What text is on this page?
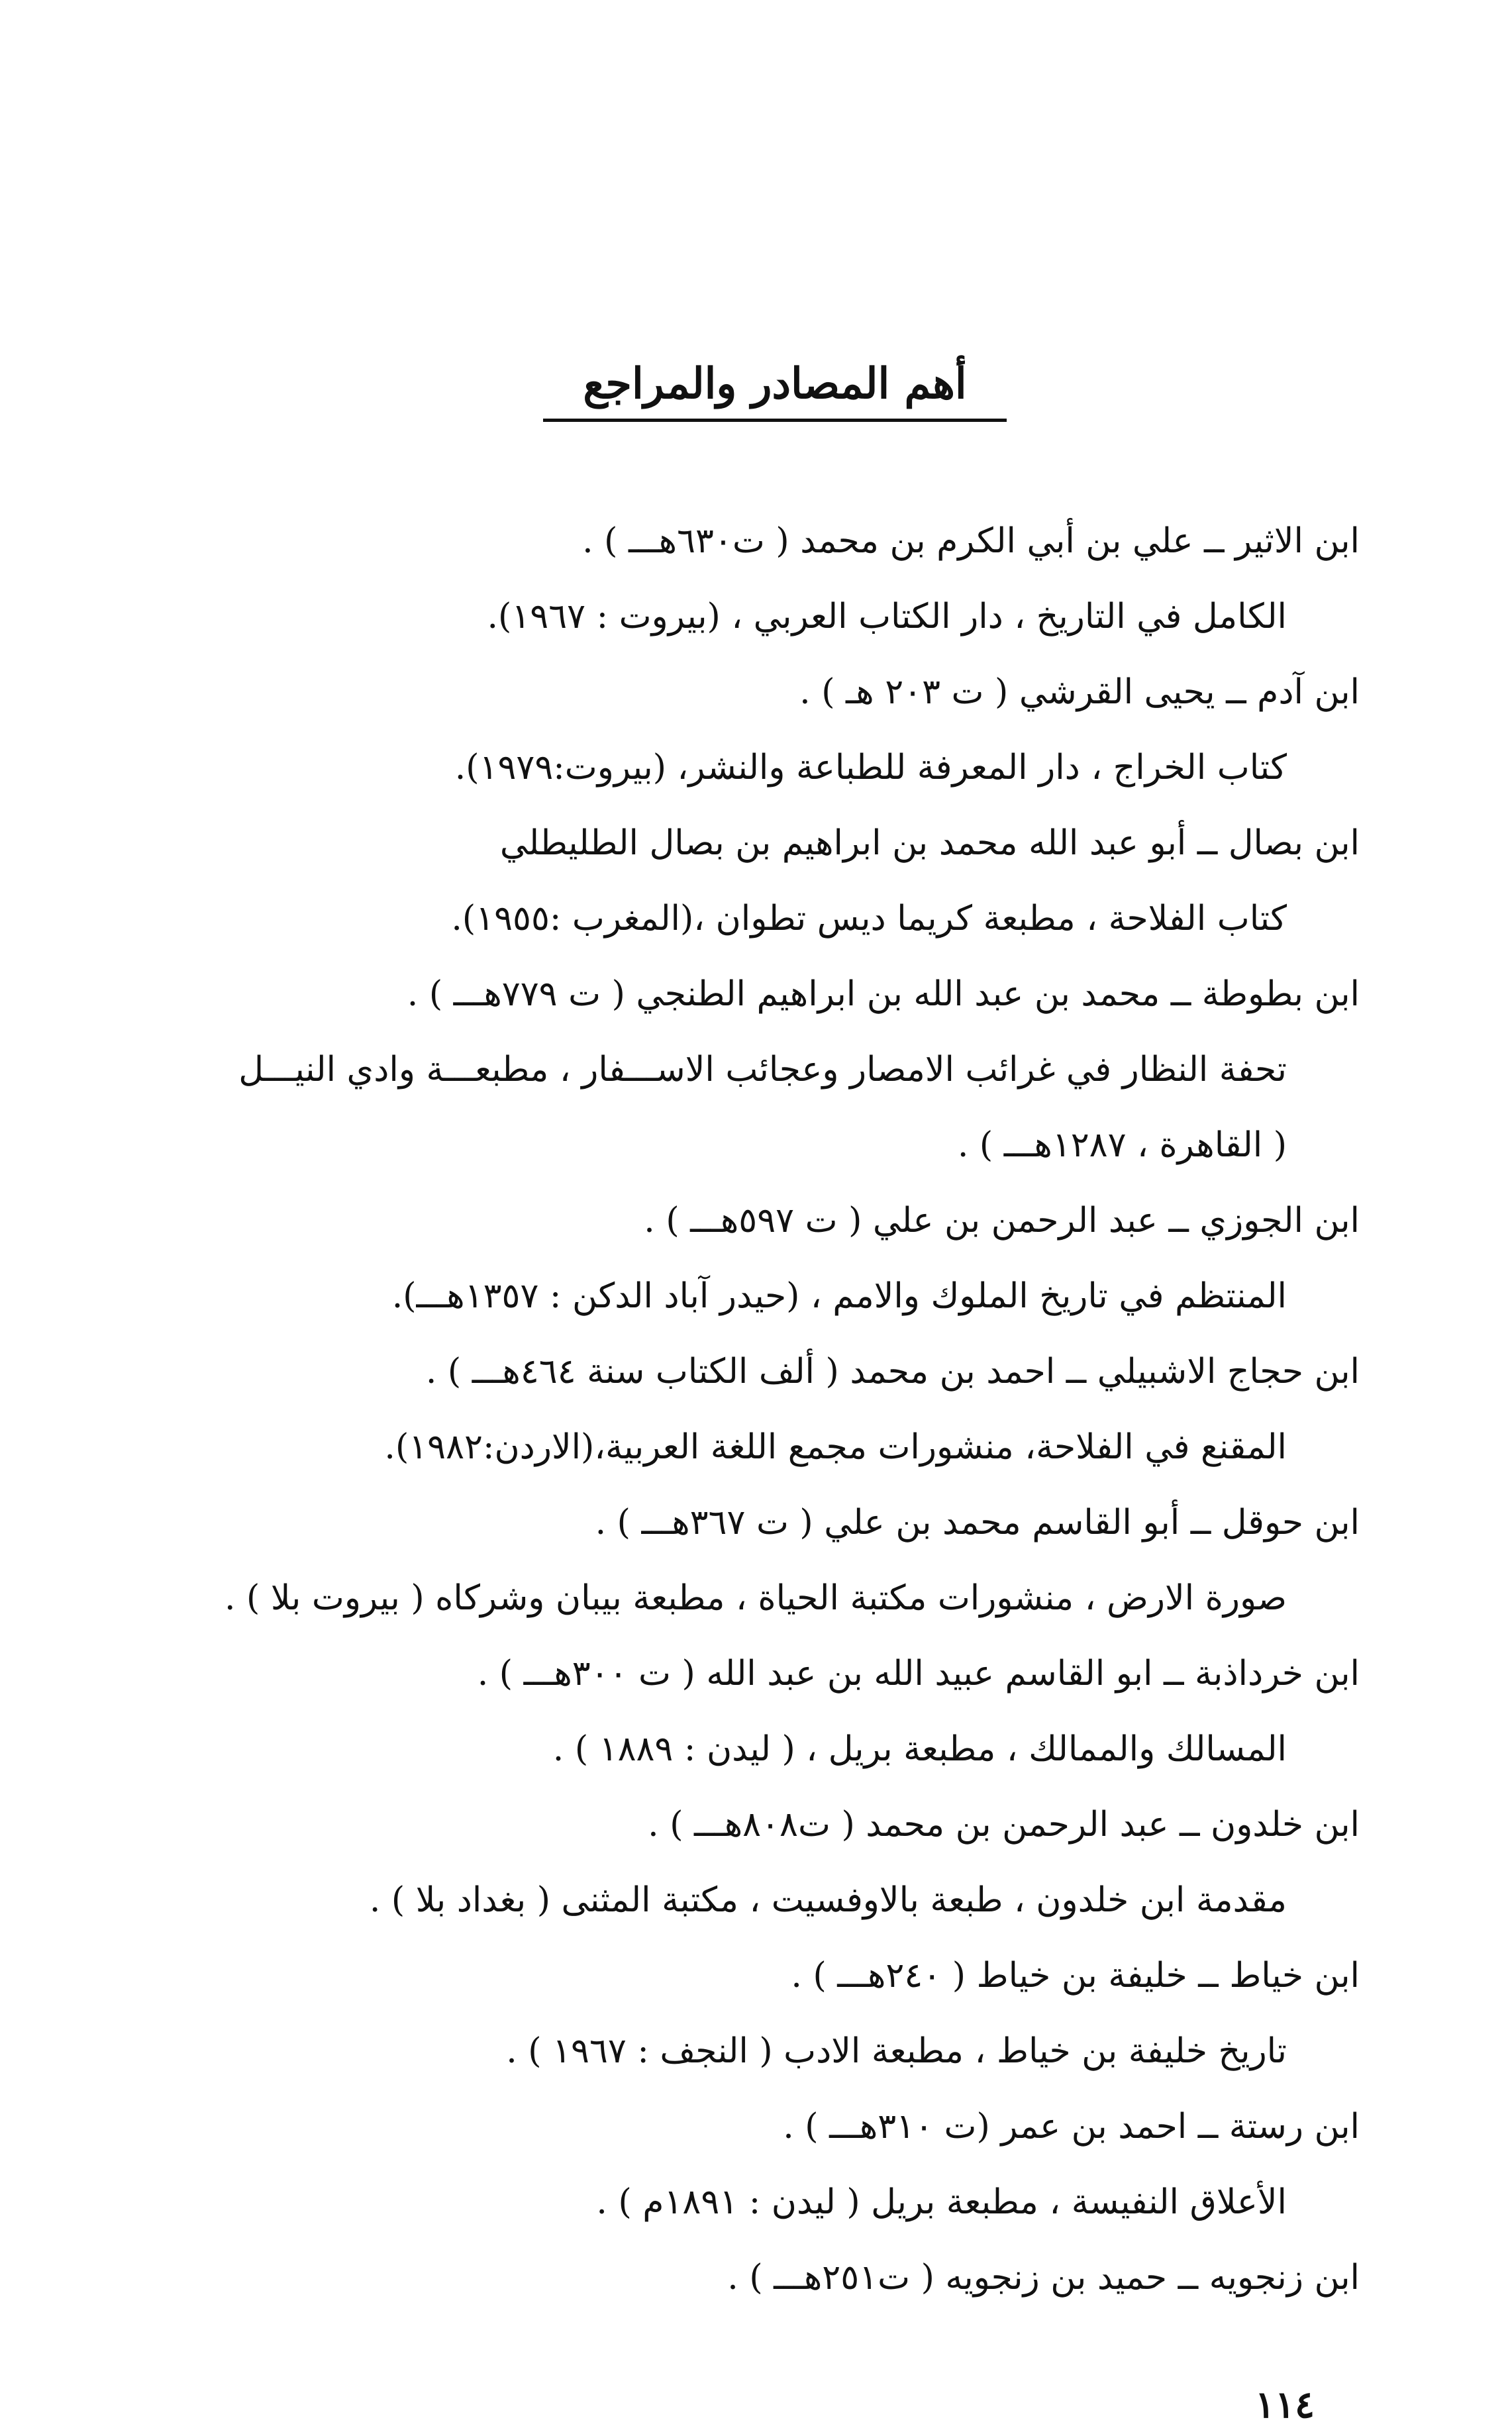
أهم المصادر والمراجع
ابن الاثير ــ علي بن أبي الكرم بن محمد ( ت٦٣٠هـــ ) .
الكامل في التاريخ ، دار الكتاب العربي ، (بيروت : ١٩٦٧).
ابن آدم ــ يحيى القرشي ( ت ٢٠٣ هـ ) .
كتاب الخراج ، دار المعرفة للطباعة والنشر، (بيروت:١٩٧٩).
ابن بصال ــ أبو عبد الله محمد بن ابراهيم بن بصال الطليطلي
كتاب الفلاحة ، مطبعة كريما ديس تطوان ،(المغرب :١٩٥٥).
ابن بطوطة ــ محمد بن عبد الله بن ابراهيم الطنجي ( ت ٧٧٩هـــ ) .
تحفة النظار في غرائب الامصار وعجائب الاســـفار ، مطبعـــة وادي النيـــل
( القاهرة ، ١٢٨٧هـــ ) .
ابن الجوزي ــ عبد الرحمن بن علي ( ت ٥٩٧هـــ ) .
المنتظم في تاريخ الملوك والامم ، (حيدر آباد الدكن : ١٣٥٧هـــ).
ابن حجاج الاشبيلي ــ احمد بن محمد ( ألف الكتاب سنة ٤٦٤هـــ ) .
المقنع في الفلاحة، منشورات مجمع اللغة العربية،(الاردن:١٩٨٢).
ابن حوقل ــ أبو القاسم محمد بن علي ( ت ٣٦٧هـــ ) .
صورة الارض ، منشورات مكتبة الحياة ، مطبعة بيبان وشركاه ( بيروت بلا ) .
ابن خرداذبة ــ ابو القاسم عبيد الله بن عبد الله ( ت ٣٠٠هـــ ) .
المسالك والممالك ، مطبعة بريل ، ( ليدن : ١٨٨٩ ) .
ابن خلدون ــ عبد الرحمن بن محمد ( ت٨٠٨هـــ ) .
مقدمة ابن خلدون ، طبعة بالاوفسيت ، مكتبة المثنى ( بغداد بلا ) .
ابن خياط ــ خليفة بن خياط ( ٢٤٠هـــ ) .
تاريخ خليفة بن خياط ، مطبعة الادب ( النجف : ١٩٦٧ ) .
ابن رستة ــ احمد بن عمر (ت ٣١٠هـــ ) .
الأعلاق النفيسة ، مطبعة بريل ( ليدن : ١٨٩١م ) .
ابن زنجويه ــ حميد بن زنجويه ( ت٢٥١هـــ ) .
١١٤
